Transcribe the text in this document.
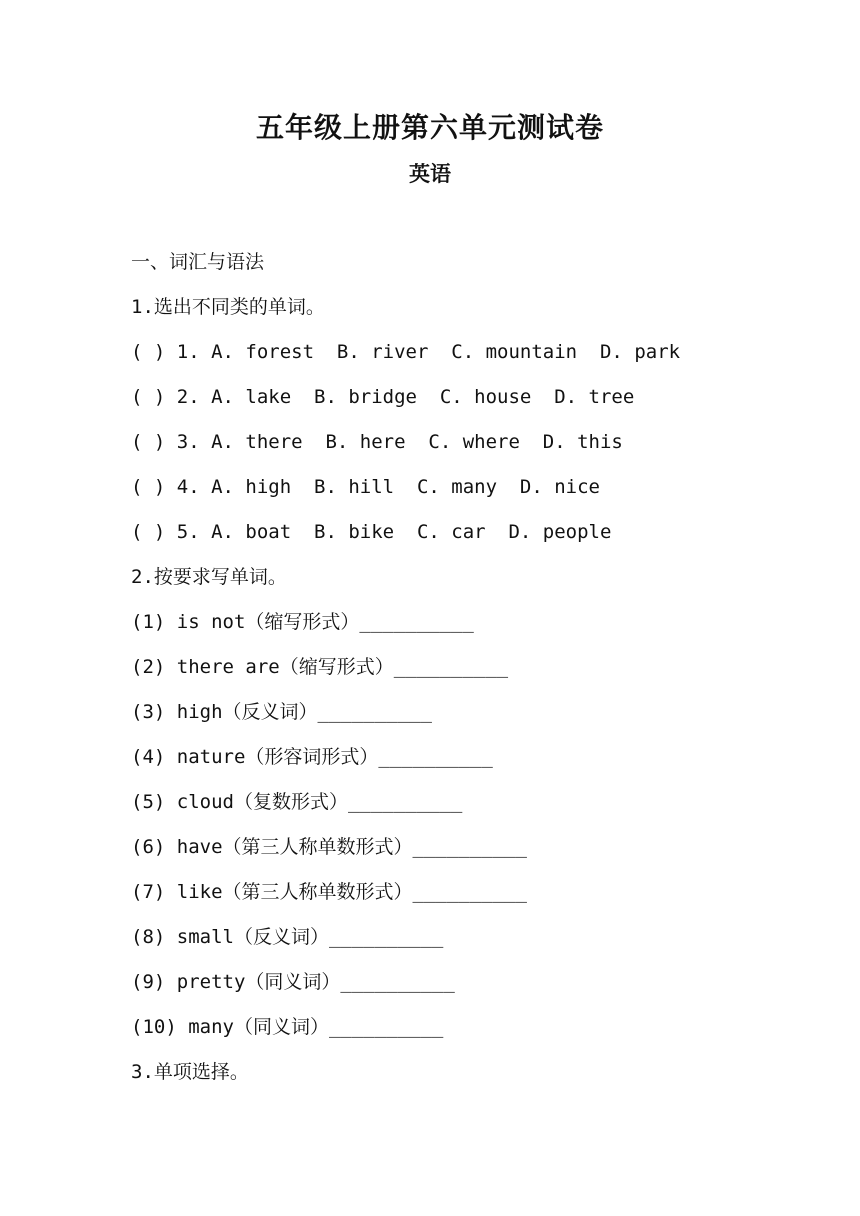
五年级上册第六单元测试卷
英语
一、词汇与语法
1.选出不同类的单词。
( ) 1. A. forest  B. river  C. mountain  D. park
( ) 2. A. lake  B. bridge  C. house  D. tree
( ) 3. A. there  B. here  C. where  D. this
( ) 4. A. high  B. hill  C. many  D. nice
( ) 5. A. boat  B. bike  C. car  D. people
2.按要求写单词。
(1) is not（缩写形式）__________
(2) there are（缩写形式）__________
(3) high（反义词）__________
(4) nature（形容词形式）__________
(5) cloud（复数形式）__________
(6) have（第三人称单数形式）__________
(7) like（第三人称单数形式）__________
(8) small（反义词）__________
(9) pretty（同义词）__________
(10) many（同义词）__________
3.单项选择。
